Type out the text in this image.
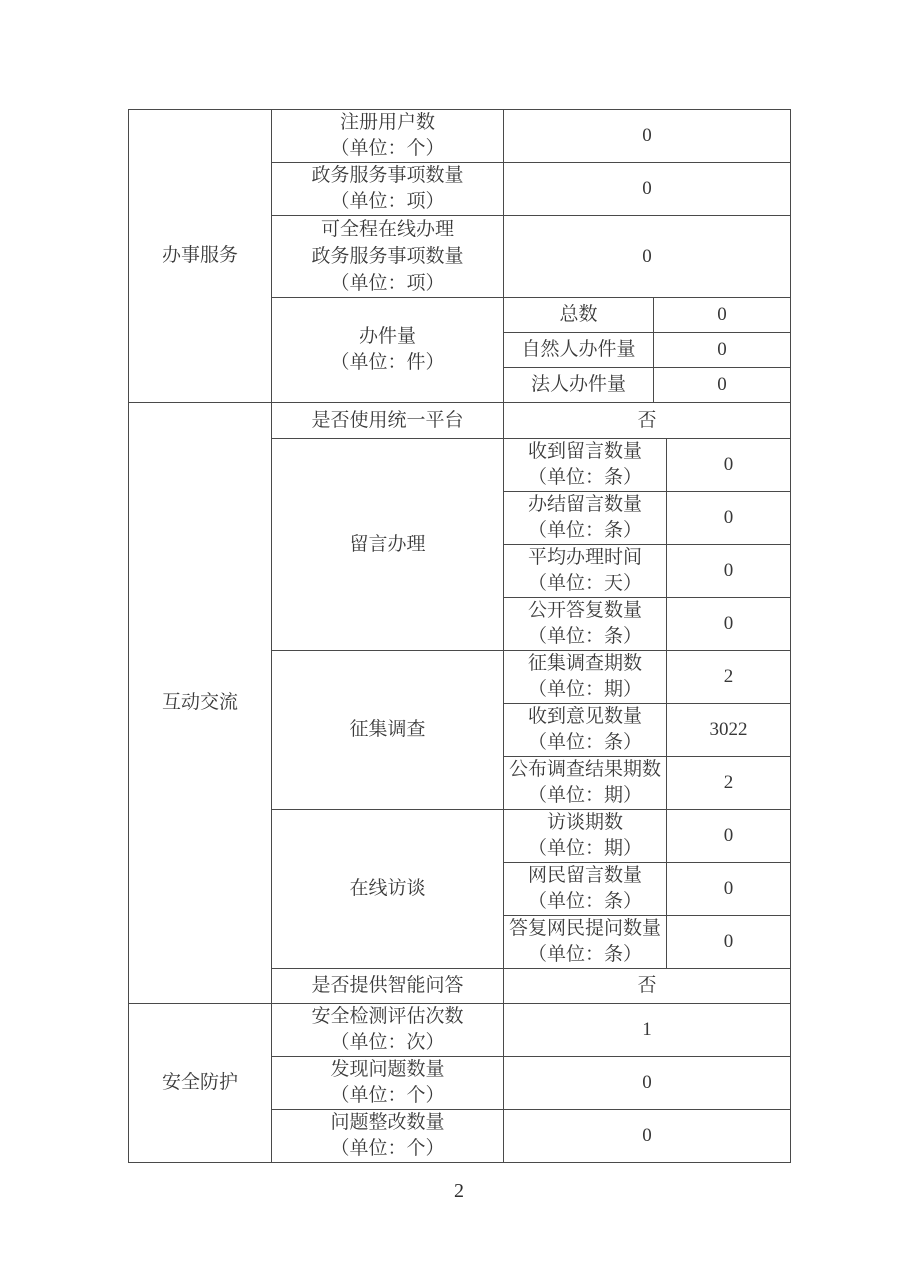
办事服务	注册用户数
（单位：个）	0		

	政务服务事项数量
（单位：项）	0		

	可全程在线办理
政务服务事项数量
（单位：项）	0		

	办件量
（单位：件）	总数	0	
		自然人办件量	0	
		法人办件量	0	

互动交流	是否使用统一平台	否		
	留言办理	收到留言数量
（单位：条）		0

		办结留言数量
（单位：条）		0

		平均办理时间
（单位：天）		0

		公开答复数量
（单位：条）		0
	征集调查	征集调查期数
（单位：期）		2

		收到意见数量
（单位：条）		3022

		公布调查结果期数
（单位：期）		2
	在线访谈	访谈期数
（单位：期）		0

		网民留言数量
（单位：条）		0

		答复网民提问数量
（单位：条）		0
	是否提供智能问答	否		

安全防护	安全检测评估次数
（单位：次）	1		

	发现问题数量
（单位：个）	0		

	问题整改数量
（单位：个）	0		
2
